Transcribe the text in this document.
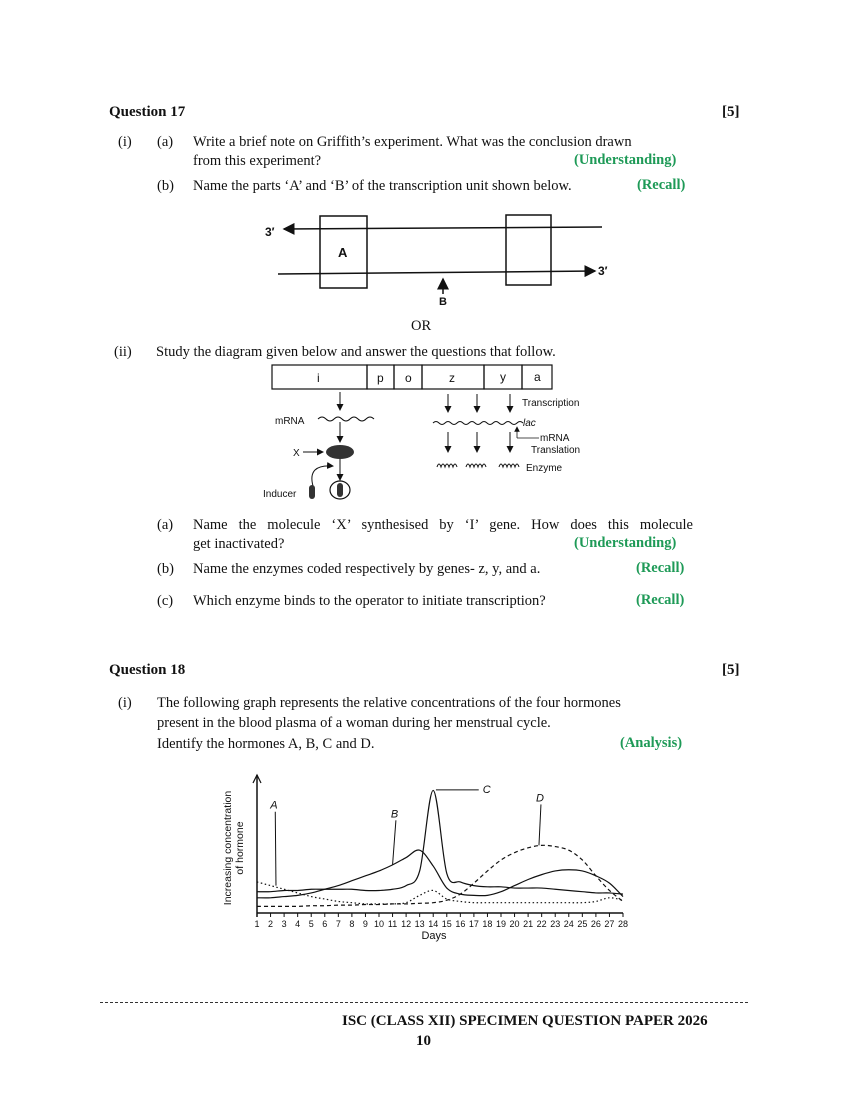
Question 17	[5]
(i) (a) Write a brief note on Griffith’s experiment. What was the conclusion drawn
from this experiment?	(Understanding)
(b) Name the parts ‘A’ and ‘B’ of the transcription unit shown below.	(Recall)
3′
3′
A
B
OR
(ii) Study the diagram given below and answer the questions that follow.
i	p o	z	y a
mRNA
X
Inducer
Transcription
lac
mRNA
Translation
Enzyme
(a) Name the molecule ‘X’ synthesised by ‘I’ gene. How does this molecule
get inactivated?	(Understanding)
(b) Name the enzymes coded respectively by genes- z, y, and a.	(Recall)
(c) Which enzyme binds to the operator to initiate transcription?	(Recall)
Question 18	[5]
(i) The following graph represents the relative concentrations of the four hormones
present in the blood plasma of a woman during her menstrual cycle.
Identify the hormones A, B, C and D.	(Analysis)
1 2 3 4 5 6 7 8 9 10 11 12 13 14 15 16 17 18 19 20 21 22 23 24 25 26 27 28
A
B
C
D
Days
Increasing concentrationof hormone
ISC (CLASS XII) SPECIMEN QUESTION PAPER 2026
10
